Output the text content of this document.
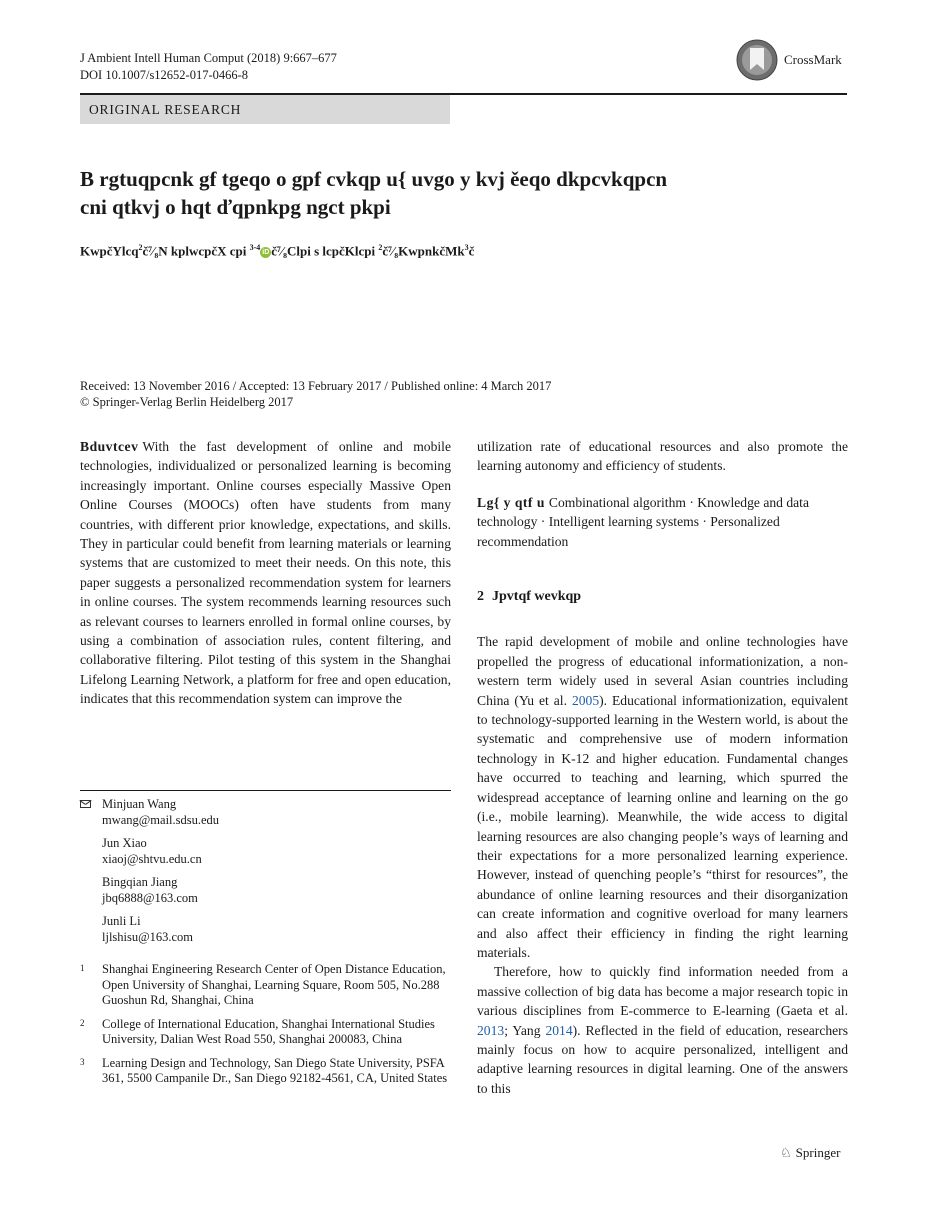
J Ambient Intell Human Comput (2018) 9:667–677
DOI 10.1007/s12652-017-0466-8
CrossMark
ORIGINAL RESEARCH
B rgtuqpcnk gf tgeqo o gpf cvkqp u{ uvgo y kvj ěeqo dkpcvkqpcn
cni qtkvj o hqt ďqpnkpg ngct pkpi
KwpčYlcq$^2$č⁷⁄₈N kplwcpčX cpi $^{3-4}$iD č⁷⁄₈Clpi s lcpčKlcpi $^2$č⁷⁄₈KwpnkčMk$^3$č
Received: 13 November 2016 / Accepted: 13 February 2017 / Published online: 4 March 2017
© Springer-Verlag Berlin Heidelberg 2017
Bduvtcev With the fast development of online and mobile technologies, individualized or personalized learning is becoming increasingly important. Online courses especially Massive Open Online Courses (MOOCs) often have students from many countries, with different prior knowledge, expectations, and skills. They in particular could benefit from learning materials or learning systems that are customized to meet their needs. On this note, this paper suggests a personalized recommendation system for learners in online courses. The system recommends learning resources such as relevant courses to learners enrolled in formal online courses, by using a combination of association rules, content filtering, and collaborative filtering. Pilot testing of this system in the Shanghai Lifelong Learning Network, a platform for free and open education, indicates that this recommendation system can improve the
Minjuan Wang
mwang@mail.sdsu.edu
Jun Xiao
xiaoj@shtvu.edu.cn
Bingqian Jiang
jbq6888@163.com
Junli Li
ljlshisu@163.com
1	Shanghai Engineering Research Center of Open Distance Education, Open University of Shanghai, Learning Square, Room 505, No.288 Guoshun Rd, Shanghai, China
2	College of International Education, Shanghai International Studies University, Dalian West Road 550, Shanghai 200083, China
3	Learning Design and Technology, San Diego State University, PSFA 361, 5500 Campanile Dr., San Diego 92182-4561, CA, United States
utilization rate of educational resources and also promote the learning autonomy and efficiency of students.
Lg{ y qtf u Combinational algorithm · Knowledge and data technology · Intelligent learning systems · Personalized recommendation
2 Jpvtqf wevkqp

The rapid development of mobile and online technologies have propelled the progress of educational informationization, a non-western term widely used in several Asian countries including China (Yu et al. 2005). Educational informationization, equivalent to technology-supported learning in the Western world, is about the systematic and comprehensive use of modern information technology in K-12 and higher education. Fundamental changes have occurred to teaching and learning, which spurred the widespread acceptance of learning online and learning on the go (i.e., mobile learning). Meanwhile, the wide access to digital learning resources are also changing people’s ways of learning and their expectations for a more personalized learning experience. However, instead of quenching people’s “thirst for resources”, the abundance of online learning resources and their disorganization can create information and cognitive overload for many learners and also affect their efficiency in finding the right learning materials.

Therefore, how to quickly find information needed from a massive collection of big data has become a major research topic in various disciplines from E-commerce to E-learning (Gaeta et al. 2013; Yang 2014). Reflected in the field of education, researchers mainly focus on how to acquire personalized, intelligent and adaptive learning resources in digital learning. One of the answers to this

♘ Springer
